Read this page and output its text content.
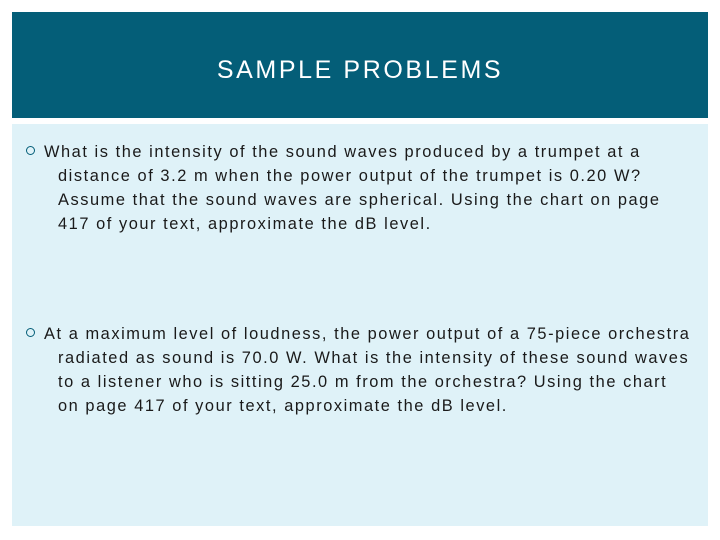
SAMPLE PROBLEMS
What is the intensity of the sound waves produced by a trumpet at a distance of 3.2 m when the power output of the trumpet is 0.20 W? Assume that the sound waves are spherical. Using the chart on page 417 of your text, approximate the dB level.
At a maximum level of loudness, the power output of a 75-piece orchestra radiated as sound is 70.0 W. What is the intensity of these sound waves to a listener who is sitting 25.0 m from the orchestra? Using the chart on page 417 of your text, approximate the dB level.
